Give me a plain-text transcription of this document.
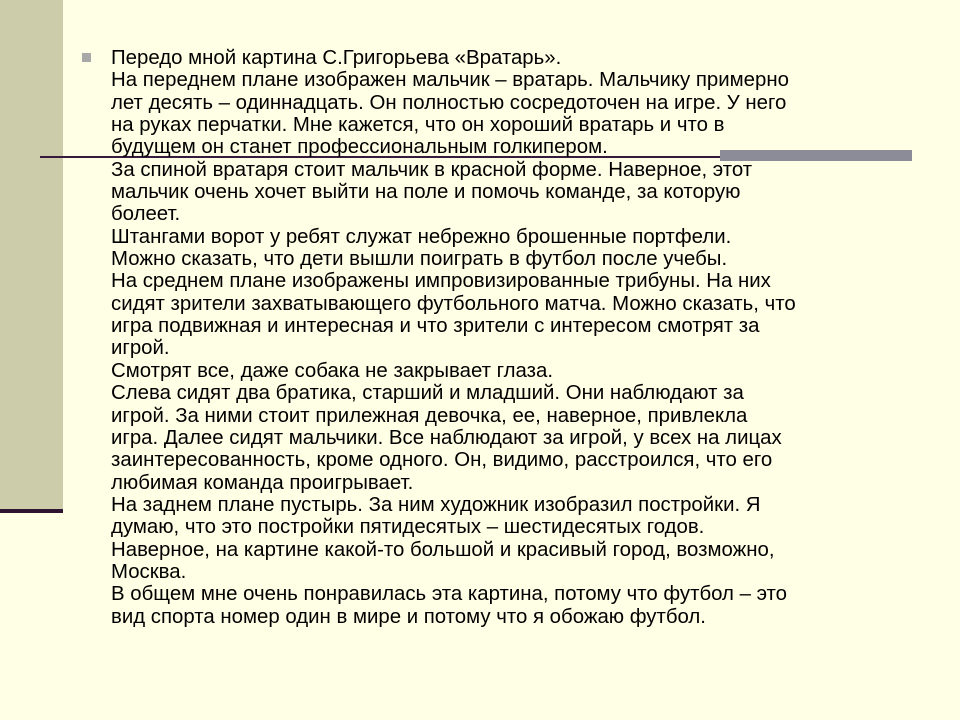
Передо мной картина С.Григорьева «Вратарь».
На переднем плане изображен мальчик – вратарь. Мальчику примерно
лет десять – одиннадцать. Он полностью сосредоточен на игре. У него
на руках перчатки. Мне кажется, что он хороший вратарь и что в
будущем он станет профессиональным голкипером.
За спиной вратаря стоит мальчик в красной форме. Наверное, этот
мальчик очень хочет выйти на поле и помочь команде, за которую
болеет.
Штангами ворот у ребят служат небрежно брошенные портфели.
Можно сказать, что дети вышли поиграть в футбол после учебы.
На среднем плане изображены импровизированные трибуны. На них
сидят зрители захватывающего футбольного матча. Можно сказать, что
игра подвижная и интересная и что зрители с интересом смотрят за
игрой.
Смотрят все, даже собака не закрывает глаза.
Слева сидят два братика, старший и младший. Они наблюдают за
игрой. За ними стоит прилежная девочка, ее, наверное, привлекла
игра. Далее сидят мальчики. Все наблюдают за игрой, у всех на лицах
заинтересованность, кроме одного. Он, видимо, расстроился, что его
любимая команда проигрывает.
На заднем плане пустырь. За ним художник изобразил постройки. Я
думаю, что это постройки пятидесятых – шестидесятых годов.
Наверное, на картине какой-то большой и красивый город, возможно,
Москва.
В общем мне очень понравилась эта картина, потому что футбол – это
вид спорта номер один в мире и потому что я обожаю футбол.
